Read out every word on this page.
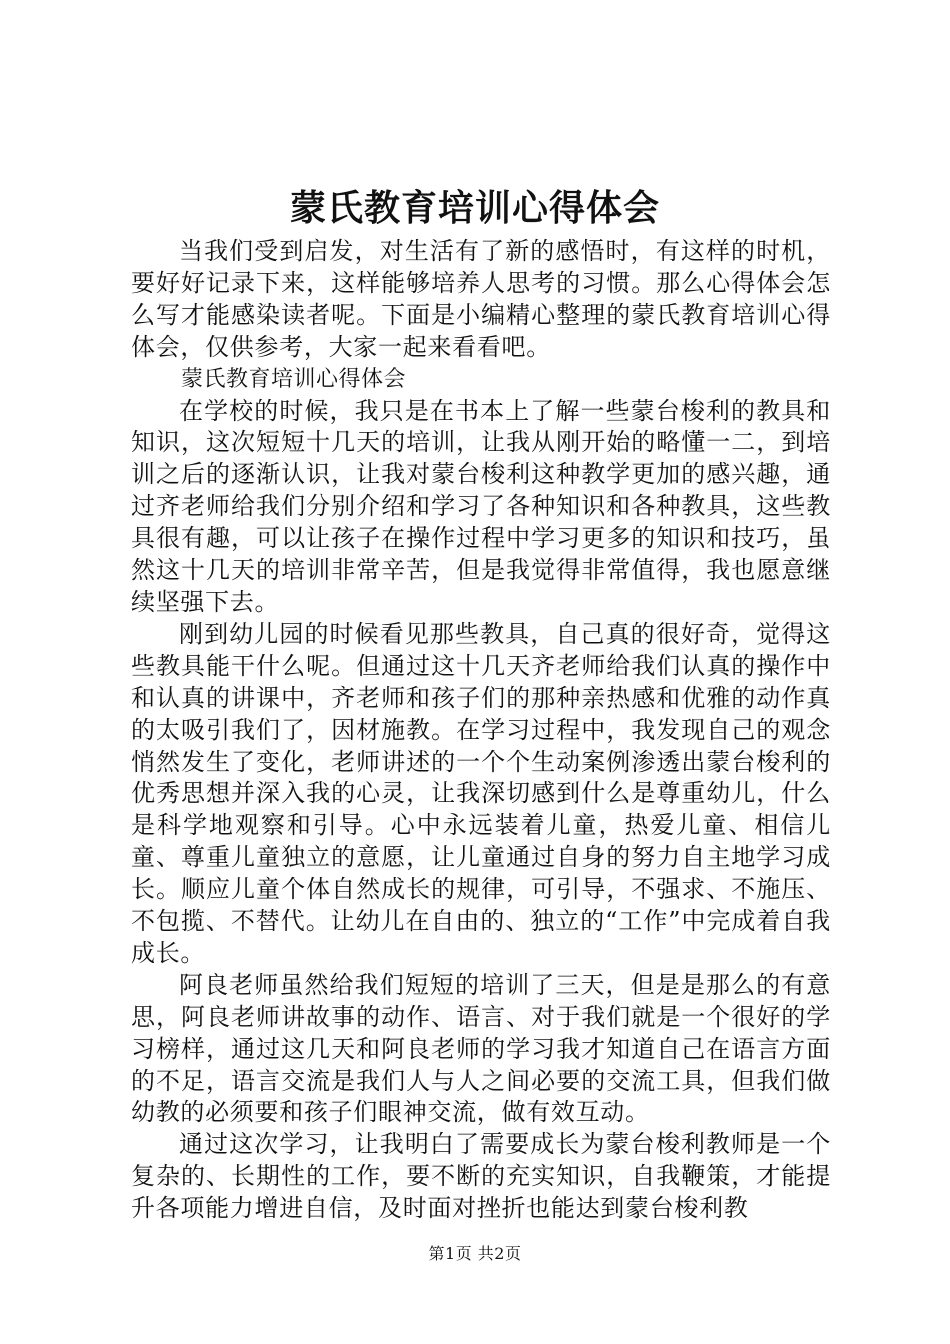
蒙氏教育培训心得体会

当我们受到启发，对生活有了新的感悟时，有这样的时机，要好好记录下来，这样能够培养人思考的习惯。那么心得体会怎么写才能感染读者呢。下面是小编精心整理的蒙氏教育培训心得体会，仅供参考，大家一起来看看吧。

蒙氏教育培训心得体会

在学校的时候，我只是在书本上了解一些蒙台梭利的教具和知识，这次短短十几天的培训，让我从刚开始的略懂一二，到培训之后的逐渐认识，让我对蒙台梭利这种教学更加的感兴趣，通过齐老师给我们分别介绍和学习了各种知识和各种教具，这些教具很有趣，可以让孩子在操作过程中学习更多的知识和技巧，虽然这十几天的培训非常辛苦，但是我觉得非常值得，我也愿意继续坚强下去。

刚到幼儿园的时候看见那些教具，自己真的很好奇，觉得这些教具能干什么呢。但通过这十几天齐老师给我们认真的操作中和认真的讲课中，齐老师和孩子们的那种亲热感和优雅的动作真的太吸引我们了，因材施教。在学习过程中，我发现自己的观念悄然发生了变化，老师讲述的一个个生动案例渗透出蒙台梭利的优秀思想并深入我的心灵，让我深切感到什么是尊重幼儿，什么是科学地观察和引导。心中永远装着儿童，热爱儿童、相信儿童、尊重儿童独立的意愿，让儿童通过自身的努力自主地学习成长。顺应儿童个体自然成长的规律，可引导，不强求、不施压、不包揽、不替代。让幼儿在自由的、独立的“工作”中完成着自我成长。

阿良老师虽然给我们短短的培训了三天，但是是那么的有意思，阿良老师讲故事的动作、语言、对于我们就是一个很好的学习榜样，通过这几天和阿良老师的学习我才知道自己在语言方面的不足，语言交流是我们人与人之间必要的交流工具，但我们做幼教的必须要和孩子们眼神交流，做有效互动。

通过这次学习，让我明白了需要成长为蒙台梭利教师是一个复杂的、长期性的工作，要不断的充实知识，自我鞭策，才能提升各项能力增进自信，及时面对挫折也能达到蒙台梭利教

第1页 共2页
